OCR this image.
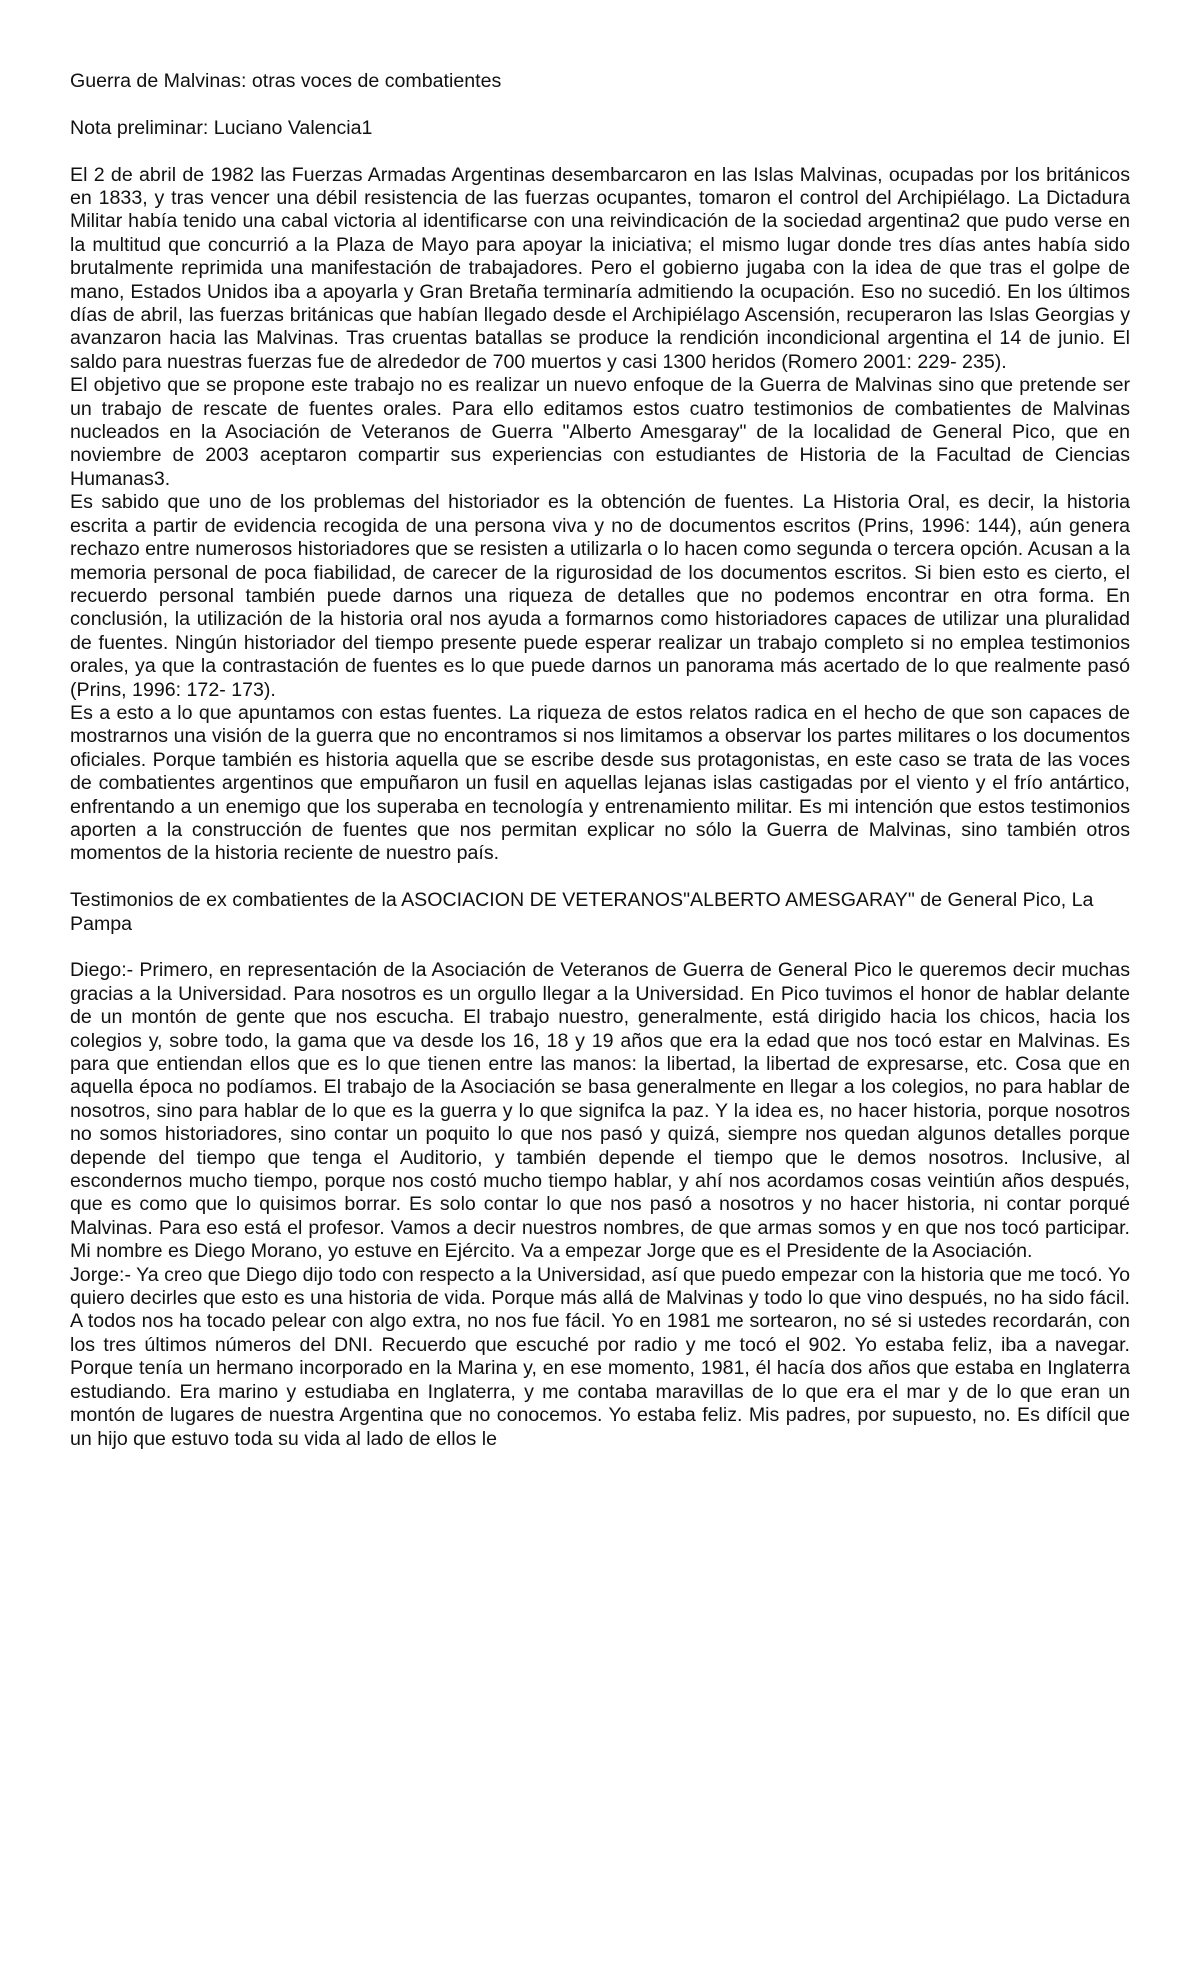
Guerra de Malvinas: otras voces de combatientes

Nota preliminar: Luciano Valencia1

El 2 de abril de 1982 las Fuerzas Armadas Argentinas desembarcaron en las Islas Malvinas, ocupadas por los británicos en 1833, y tras vencer una débil resistencia de las fuerzas ocupantes, tomaron el control del Archipiélago. La Dictadura Militar había tenido una cabal victoria al identificarse con una reivindicación de la sociedad argentina2 que pudo verse en la multitud que concurrió a la Plaza de Mayo para apoyar la iniciativa; el mismo lugar donde tres días antes había sido brutalmente reprimida una manifestación de trabajadores. Pero el gobierno jugaba con la idea de que tras el golpe de mano, Estados Unidos iba a apoyarla y Gran Bretaña terminaría admitiendo la ocupación. Eso no sucedió. En los últimos días de abril, las fuerzas británicas que habían llegado desde el Archipiélago Ascensión, recuperaron las Islas Georgias y avanzaron hacia las Malvinas. Tras cruentas batallas se produce la rendición incondicional argentina el 14 de junio. El saldo para nuestras fuerzas fue de alrededor de 700 muertos y casi 1300 heridos (Romero 2001: 229- 235).

El objetivo que se propone este trabajo no es realizar un nuevo enfoque de la Guerra de Malvinas sino que pretende ser un trabajo de rescate de fuentes orales. Para ello editamos estos cuatro testimonios de combatientes de Malvinas nucleados en la Asociación de Veteranos de Guerra "Alberto Amesgaray" de la localidad de General Pico, que en noviembre de 2003 aceptaron compartir sus experiencias con estudiantes de Historia de la Facultad de Ciencias Humanas3.

Es sabido que uno de los problemas del historiador es la obtención de fuentes. La Historia Oral, es decir, la historia escrita a partir de evidencia recogida de una persona viva y no de documentos escritos (Prins, 1996: 144), aún genera rechazo entre numerosos historiadores que se resisten a utilizarla o lo hacen como segunda o tercera opción. Acusan a la memoria personal de poca fiabilidad, de carecer de la rigurosidad de los documentos escritos. Si bien esto es cierto, el recuerdo personal también puede darnos una riqueza de detalles que no podemos encontrar en otra forma. En conclusión, la utilización de la historia oral nos ayuda a formarnos como historiadores capaces de utilizar una pluralidad de fuentes. Ningún historiador del tiempo presente puede esperar realizar un trabajo completo si no emplea testimonios orales, ya que la contrastación de fuentes es lo que puede darnos un panorama más acertado de lo que realmente pasó (Prins, 1996: 172- 173).

Es a esto a lo que apuntamos con estas fuentes. La riqueza de estos relatos radica en el hecho de que son capaces de mostrarnos una visión de la guerra que no encontramos si nos limitamos a observar los partes militares o los documentos oficiales. Porque también es historia aquella que se escribe desde sus protagonistas, en este caso se trata de las voces de combatientes argentinos que empuñaron un fusil en aquellas lejanas islas castigadas por el viento y el frío antártico, enfrentando a un enemigo que los superaba en tecnología y entrenamiento militar. Es mi intención que estos testimonios aporten a la construcción de fuentes que nos permitan explicar no sólo la Guerra de Malvinas, sino también otros momentos de la historia reciente de nuestro país.

Testimonios de ex combatientes de la ASOCIACION DE VETERANOS"ALBERTO AMESGARAY" de General Pico, La Pampa

Diego:- Primero, en representación de la Asociación de Veteranos de Guerra de General Pico le queremos decir muchas gracias a la Universidad. Para nosotros es un orgullo llegar a la Universidad. En Pico tuvimos el honor de hablar delante de un montón de gente que nos escucha. El trabajo nuestro, generalmente, está dirigido hacia los chicos, hacia los colegios y, sobre todo, la gama que va desde los 16, 18 y 19 años que era la edad que nos tocó estar en Malvinas. Es para que entiendan ellos que es lo que tienen entre las manos: la libertad, la libertad de expresarse, etc. Cosa que en aquella época no podíamos. El trabajo de la Asociación se basa generalmente en llegar a los colegios, no para hablar de nosotros, sino para hablar de lo que es la guerra y lo que signifca la paz. Y la idea es, no hacer historia, porque nosotros no somos historiadores, sino contar un poquito lo que nos pasó y quizá, siempre nos quedan algunos detalles porque depende del tiempo que tenga el Auditorio, y también depende el tiempo que le demos nosotros. Inclusive, al escondernos mucho tiempo, porque nos costó mucho tiempo hablar, y ahí nos acordamos cosas veintiún años después, que es como que lo quisimos borrar. Es solo contar lo que nos pasó a nosotros y no hacer historia, ni contar porqué Malvinas. Para eso está el profesor. Vamos a decir nuestros nombres, de que armas somos y en que nos tocó participar. Mi nombre es Diego Morano, yo estuve en Ejército. Va a empezar Jorge que es el Presidente de la Asociación.

Jorge:- Ya creo que Diego dijo todo con respecto a la Universidad, así que puedo empezar con la historia que me tocó. Yo quiero decirles que esto es una historia de vida. Porque más allá de Malvinas y todo lo que vino después, no ha sido fácil. A todos nos ha tocado pelear con algo extra, no nos fue fácil. Yo en 1981 me sortearon, no sé si ustedes recordarán, con los tres últimos números del DNI. Recuerdo que escuché por radio y me tocó el 902. Yo estaba feliz, iba a navegar. Porque tenía un hermano incorporado en la Marina y, en ese momento, 1981, él hacía dos años que estaba en Inglaterra estudiando. Era marino y estudiaba en Inglaterra, y me contaba maravillas de lo que era el mar y de lo que eran un montón de lugares de nuestra Argentina que no conocemos. Yo estaba feliz. Mis padres, por supuesto, no. Es difícil que un hijo que estuvo toda su vida al lado de ellos le
